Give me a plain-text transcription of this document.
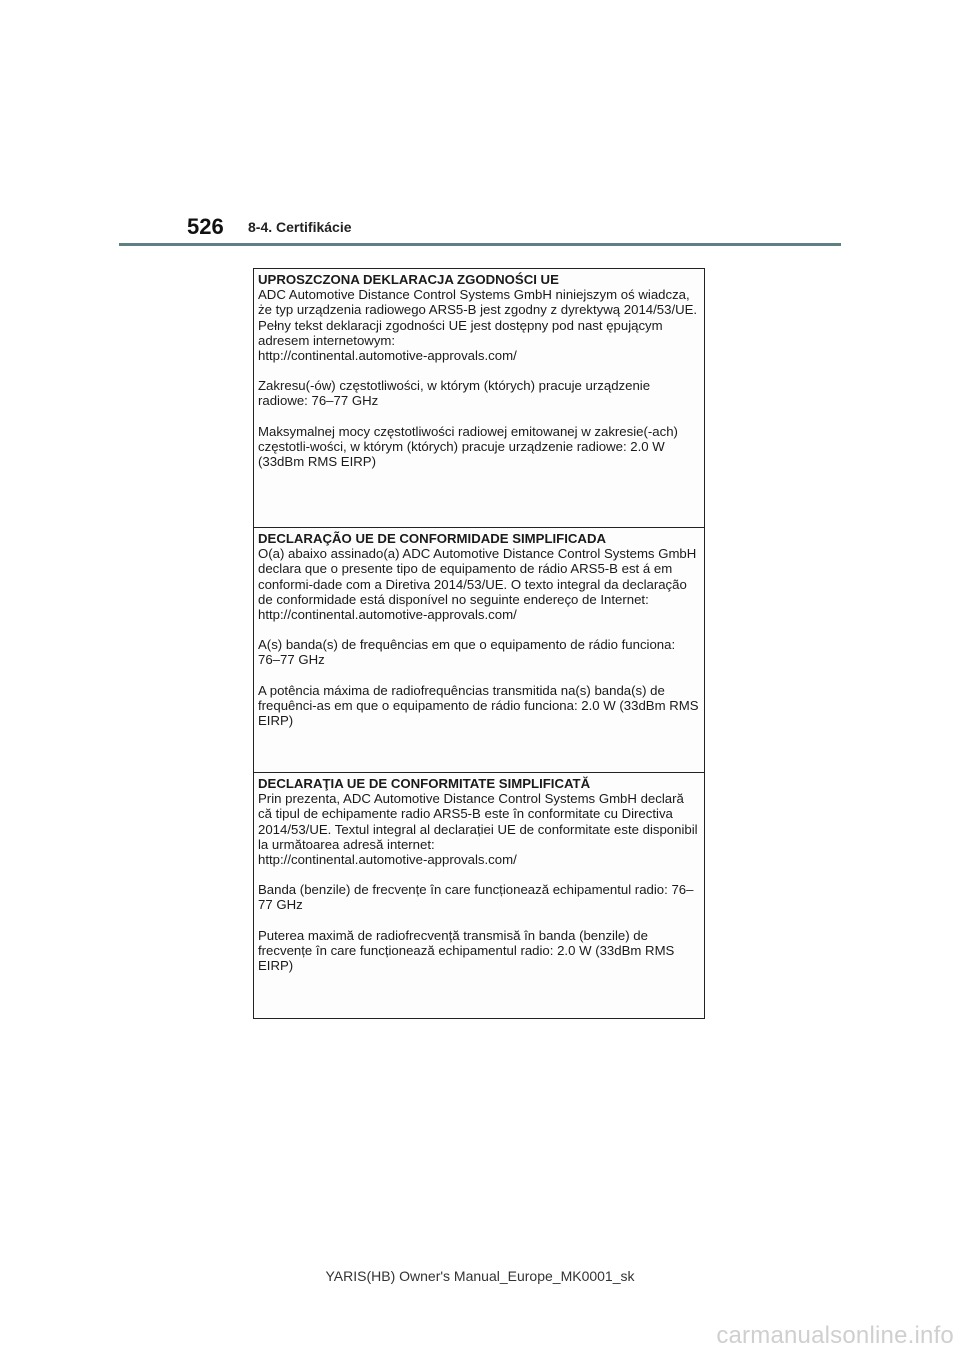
526 8-4. Certifikácie
UPROSZCZONA DEKLARACJA ZGODNOŚCI UE
ADC Automotive Distance Control Systems GmbH niniejszym oś wiadcza, że typ urządzenia radiowego ARS5-B jest zgodny z dyrektywą 2014/53/UE. Pełny tekst deklaracji zgodności UE jest dostępny pod nast ępującym adresem internetowym:
http://continental.automotive-approvals.com/
Zakresu(-ów) częstotliwości, w którym (których) pracuje urządzenie radiowe: 76–77 GHz
Maksymalnej mocy częstotliwości radiowej emitowanej w zakresie(-ach) częstotli-wości, w którym (których) pracuje urządzenie radiowe: 2.0 W (33dBm RMS EIRP)
DECLARAÇÃO UE DE CONFORMIDADE SIMPLIFICADA
O(a) abaixo assinado(a) ADC Automotive Distance Control Systems GmbH declara que o presente tipo de equipamento de rádio ARS5-B est á em conformi-dade com a Diretiva 2014/53/UE. O texto integral da declaração de conformidade está disponível no seguinte endereço de Internet:
http://continental.automotive-approvals.com/
A(s) banda(s) de frequências em que o equipamento de rádio funciona: 76–77 GHz
A potência máxima de radiofrequências transmitida na(s) banda(s) de frequênci-as em que o equipamento de rádio funciona: 2.0 W (33dBm RMS EIRP)
DECLARAŢIA UE DE CONFORMITATE SIMPLIFICATĂ
Prin prezenta, ADC Automotive Distance Control Systems GmbH declară că tipul de echipamente radio ARS5-B este în conformitate cu Directiva 2014/53/UE. Textul integral al declarației UE de conformitate este disponibil la următoarea adresă internet:
http://continental.automotive-approvals.com/
Banda (benzile) de frecvențe în care funcționează echipamentul radio: 76–77 GHz
Puterea maximă de radiofrecvență transmisă în banda (benzile) de frecvențe în care funcționează echipamentul radio: 2.0 W (33dBm RMS EIRP)
YARIS(HB) Owner's Manual_Europe_MK0001_sk
carmanualsonline.info
